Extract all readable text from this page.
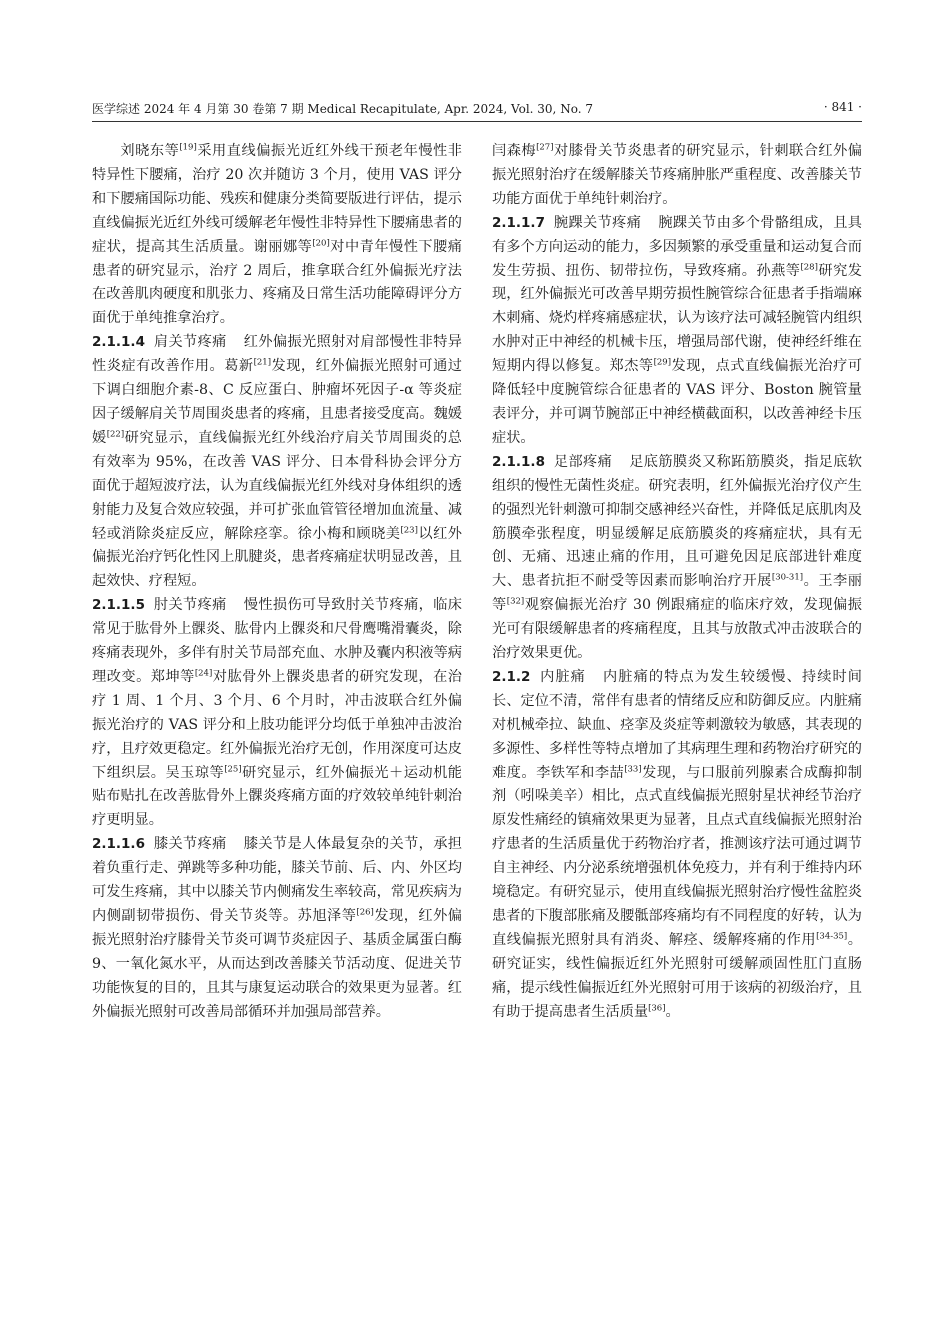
医学综述 2024 年 4 月第 30 卷第 7 期 Medical Recapitulate, Apr. 2024, Vol. 30, No. 7	· 841 ·

刘晓东等[19]采用直线偏振光近红外线干预老年慢性非特异性下腰痛，治疗 20 次并随访 3 个月，使用 VAS 评分和下腰痛国际功能、残疾和健康分类简要版进行评估，提示直线偏振光近红外线可缓解老年慢性非特异性下腰痛患者的症状，提高其生活质量。谢丽娜等[20]对中青年慢性下腰痛患者的研究显示，治疗 2 周后，推拿联合红外偏振光疗法在改善肌肉硬度和肌张力、疼痛及日常生活功能障碍评分方面优于单纯推拿治疗。

2.1.1.4 肩关节疼痛 红外偏振光照射对肩部慢性非特异性炎症有改善作用。葛新[21]发现，红外偏振光照射可通过下调白细胞介素-8、C 反应蛋白、肿瘤坏死因子-α 等炎症因子缓解肩关节周围炎患者的疼痛，且患者接受度高。魏媛媛[22]研究显示，直线偏振光红外线治疗肩关节周围炎的总有效率为 95%，在改善 VAS 评分、日本骨科协会评分方面优于超短波疗法，认为直线偏振光红外线对身体组织的透射能力及复合效应较强，并可扩张血管管径增加血流量、减轻或消除炎症反应，解除痉挛。徐小梅和顾晓美[23]以红外偏振光治疗钙化性冈上肌腱炎，患者疼痛症状明显改善，且起效快、疗程短。

2.1.1.5 肘关节疼痛 慢性损伤可导致肘关节疼痛，临床常见于肱骨外上髁炎、肱骨内上髁炎和尺骨鹰嘴滑囊炎，除疼痛表现外，多伴有肘关节局部充血、水肿及囊内积液等病理改变。郑坤等[24]对肱骨外上髁炎患者的研究发现，在治疗 1 周、1 个月、3 个月、6 个月时，冲击波联合红外偏振光治疗的 VAS 评分和上肢功能评分均低于单独冲击波治疗，且疗效更稳定。红外偏振光治疗无创，作用深度可达皮下组织层。吴玉琼等[25]研究显示，红外偏振光＋运动机能贴布贴扎在改善肱骨外上髁炎疼痛方面的疗效较单纯针刺治疗更明显。

2.1.1.6 膝关节疼痛 膝关节是人体最复杂的关节，承担着负重行走、弹跳等多种功能，膝关节前、后、内、外区均可发生疼痛，其中以膝关节内侧痛发生率较高，常见疾病为内侧副韧带损伤、骨关节炎等。苏旭泽等[26]发现，红外偏振光照射治疗膝骨关节炎可调节炎症因子、基质金属蛋白酶 9、一氧化氮水平，从而达到改善膝关节活动度、促进关节功能恢复的目的，且其与康复运动联合的效果更为显著。红外偏振光照射可改善局部循环并加强局部营养。

闫森梅[27]对膝骨关节炎患者的研究显示，针刺联合红外偏振光照射治疗在缓解膝关节疼痛肿胀严重程度、改善膝关节功能方面优于单纯针刺治疗。

2.1.1.7 腕踝关节疼痛 腕踝关节由多个骨骼组成，且具有多个方向运动的能力，多因频繁的承受重量和运动复合而发生劳损、扭伤、韧带拉伤，导致疼痛。孙燕等[28]研究发现，红外偏振光可改善早期劳损性腕管综合征患者手指端麻木刺痛、烧灼样疼痛感症状，认为该疗法可减轻腕管内组织水肿对正中神经的机械卡压，增强局部代谢，使神经纤维在短期内得以修复。郑杰等[29]发现，点式直线偏振光治疗可降低轻中度腕管综合征患者的 VAS 评分、Boston 腕管量表评分，并可调节腕部正中神经横截面积，以改善神经卡压症状。

2.1.1.8 足部疼痛 足底筋膜炎又称跖筋膜炎，指足底软组织的慢性无菌性炎症。研究表明，红外偏振光治疗仪产生的强烈光针刺激可抑制交感神经兴奋性，并降低足底肌肉及筋膜牵张程度，明显缓解足底筋膜炎的疼痛症状，具有无创、无痛、迅速止痛的作用，且可避免因足底部进针难度大、患者抗拒不耐受等因素而影响治疗开展[30-31]。王李丽等[32]观察偏振光治疗 30 例跟痛症的临床疗效，发现偏振光可有限缓解患者的疼痛程度，且其与放散式冲击波联合的治疗效果更优。

2.1.2 内脏痛 内脏痛的特点为发生较缓慢、持续时间长、定位不清，常伴有患者的情绪反应和防御反应。内脏痛对机械牵拉、缺血、痉挛及炎症等刺激较为敏感，其表现的多源性、多样性等特点增加了其病理生理和药物治疗研究的难度。李铁军和李喆[33]发现，与口服前列腺素合成酶抑制剂（吲哚美辛）相比，点式直线偏振光照射星状神经节治疗原发性痛经的镇痛效果更为显著，且点式直线偏振光照射治疗患者的生活质量优于药物治疗者，推测该疗法可通过调节自主神经、内分泌系统增强机体免疫力，并有利于维持内环境稳定。有研究显示，使用直线偏振光照射治疗慢性盆腔炎患者的下腹部胀痛及腰骶部疼痛均有不同程度的好转，认为直线偏振光照射具有消炎、解痉、缓解疼痛的作用[34-35]。研究证实，线性偏振近红外光照射可缓解顽固性肛门直肠痛，提示线性偏振近红外光照射可用于该病的初级治疗，且有助于提高患者生活质量[36]。
